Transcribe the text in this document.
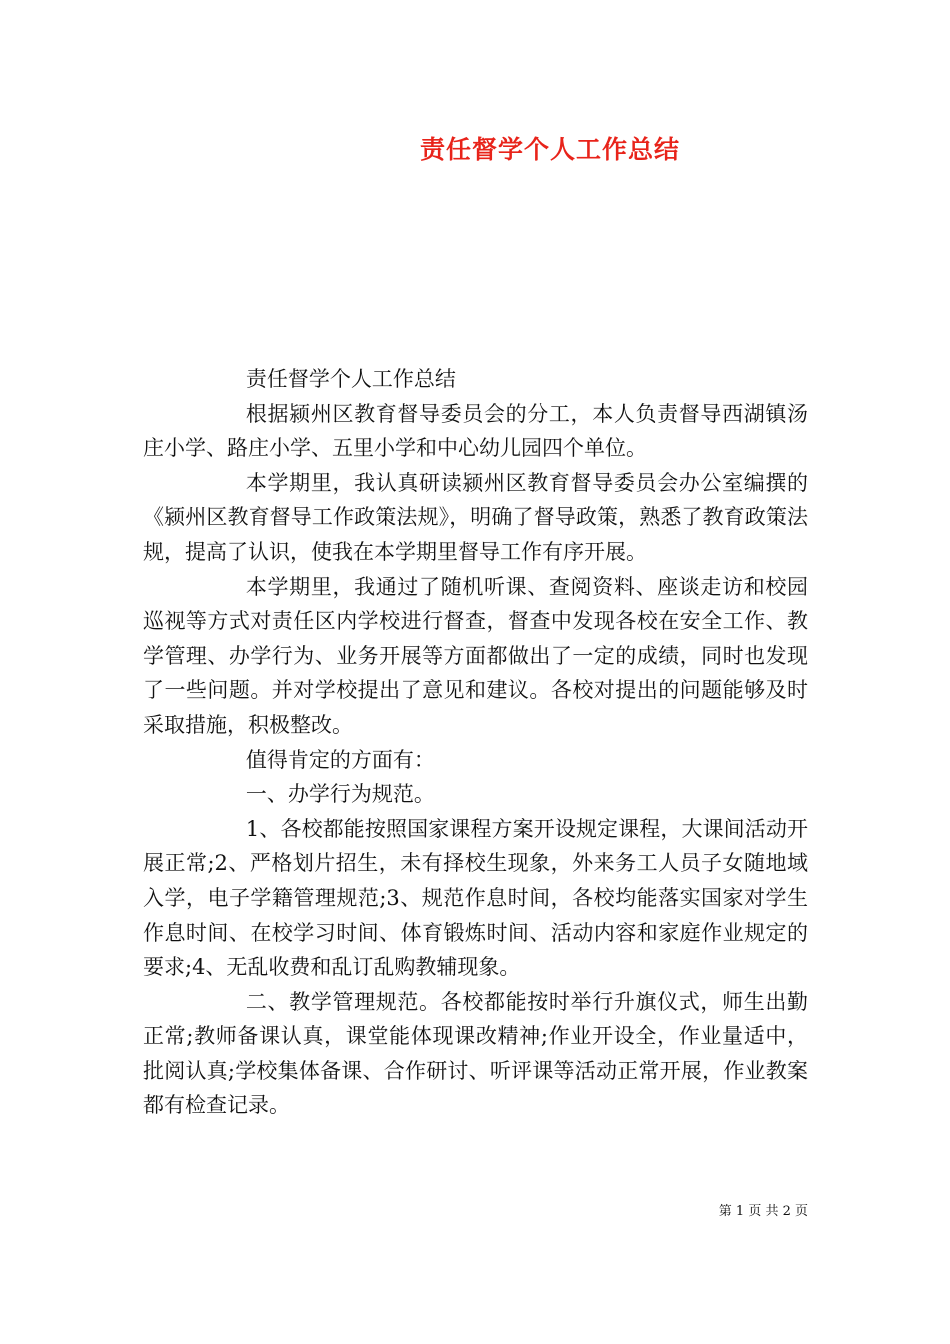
责任督学个人工作总结

责任督学个人工作总结

根据颍州区教育督导委员会的分工，本人负责督导西湖镇汤庄小学、路庄小学、五里小学和中心幼儿园四个单位。

本学期里，我认真研读颍州区教育督导委员会办公室编撰的《颍州区教育督导工作政策法规》，明确了督导政策，熟悉了教育政策法规，提高了认识，使我在本学期里督导工作有序开展。

本学期里，我通过了随机听课、查阅资料、座谈走访和校园巡视等方式对责任区内学校进行督查，督查中发现各校在安全工作、教学管理、办学行为、业务开展等方面都做出了一定的成绩，同时也发现了一些问题。并对学校提出了意见和建议。各校对提出的问题能够及时采取措施，积极整改。

值得肯定的方面有：

一、办学行为规范。

1、各校都能按照国家课程方案开设规定课程，大课间活动开展正常;2、严格划片招生，未有择校生现象，外来务工人员子女随地域入学，电子学籍管理规范;3、规范作息时间，各校均能落实国家对学生作息时间、在校学习时间、体育锻炼时间、活动内容和家庭作业规定的要求;4、无乱收费和乱订乱购教辅现象。

二、教学管理规范。各校都能按时举行升旗仪式，师生出勤正常;教师备课认真，课堂能体现课改精神;作业开设全，作业量适中，批阅认真;学校集体备课、合作研讨、听评课等活动正常开展，作业教案都有检查记录。

第 1 页 共 2 页
